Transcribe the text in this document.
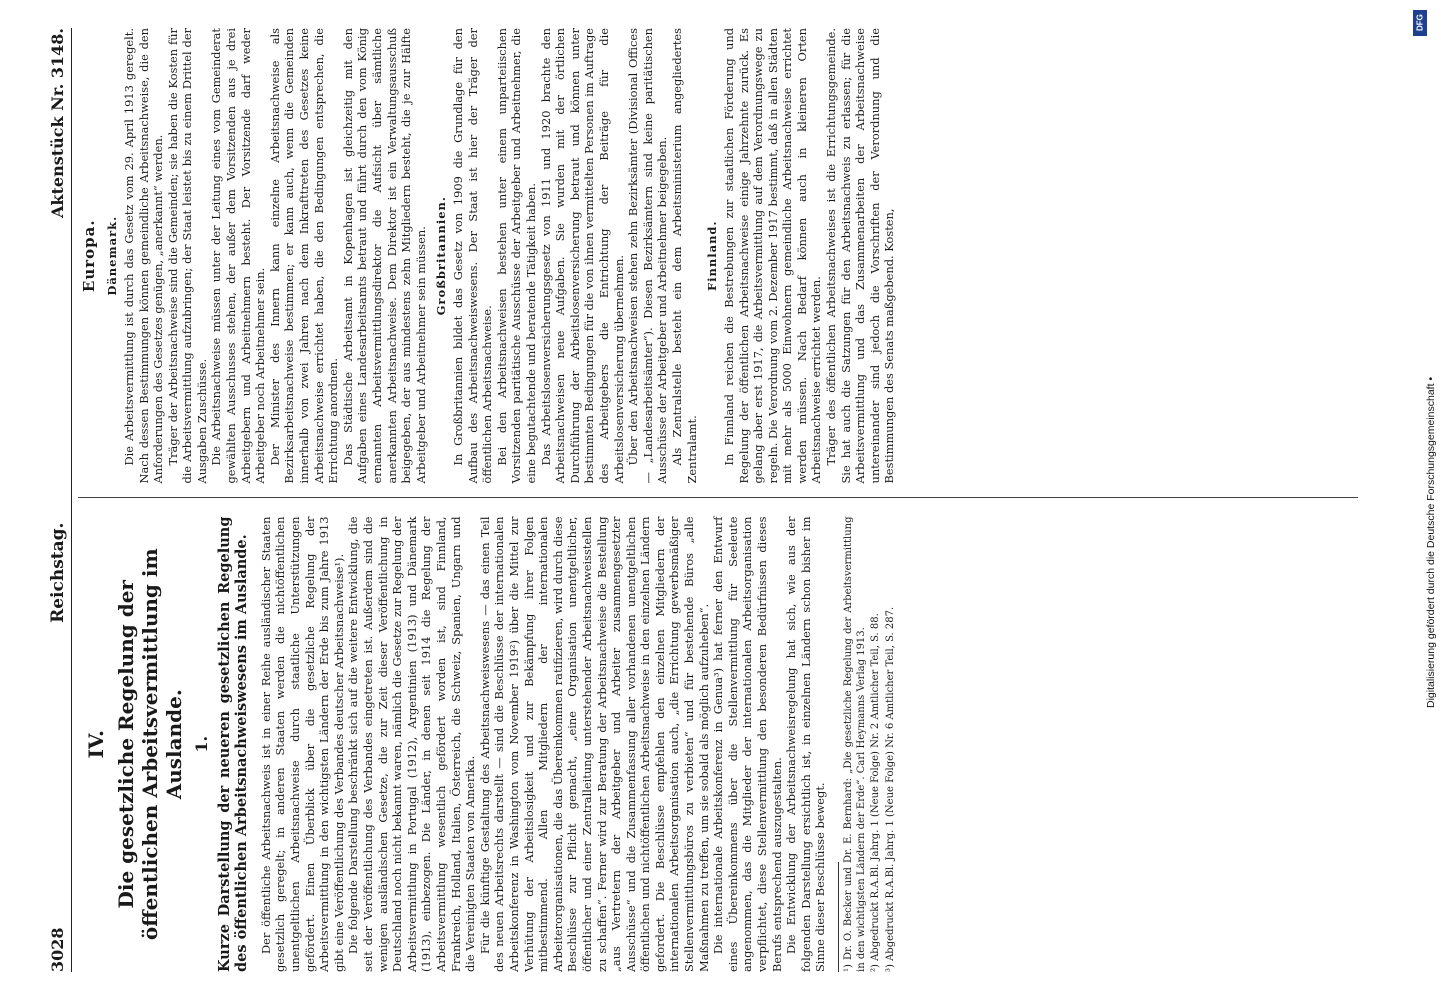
3028
Reichstag.
Aktenstück Nr. 3148.
IV. Die gesetzliche Regelung der öffentlichen Arbeitsvermittlung im Auslande. 1. Kurze Darstellung der neueren gesetzlichen Regelung des öffentlichen Arbeitsnachweiswesens im Auslande. Der öffentliche Arbeitsnachweis ist in einer Reihe ausländischer Staaten gesetzlich geregelt; in anderen Staaten werden die nichtöffentlichen unentgeltlichen Arbeitsnachweise durch staatliche Unterstützungen gefördert. Einen Überblick über die gesetzliche Regelung der Arbeitsvermittlung in den wichtigsten Ländern der Erde bis zum Jahre 1913 gibt eine Veröffentlichung des Verbandes deutscher Arbeitsnachweise¹). Die folgende Darstellung beschränkt sich auf die weitere Entwicklung, die seit der Veröffentlichung des Verbandes eingetreten ist. Außerdem sind die wenigen ausländischen Gesetze, die zur Zeit dieser Veröffentlichung in Deutschland noch nicht bekannt waren, nämlich die Gesetze zur Regelung der Arbeitsvermittlung in Portugal (1912), Argentinien (1913) und Dänemark (1913), einbezogen. Die Länder, in denen seit 1914 die Regelung der Arbeitsvermittlung wesentlich gefördert worden ist, sind Finnland, Frankreich, Holland, Italien, Österreich, die Schweiz, Spanien, Ungarn und die Vereinigten Staaten von Amerika. Für die künftige Gestaltung des Arbeitsnachweiswesens — das einen Teil des neuen Arbeitsrechts darstellt — sind die Beschlüsse der internationalen Arbeitskonferenz in Washington vom November 1919²) über die Mittel zur Verhütung der Arbeitslosigkeit und zur Bekämpfung ihrer Folgen mitbestimmend. Allen Mitgliedern der internationalen Arbeiterorganisationen, die das Übereinkommen ratifizieren, wird durch diese Beschlüsse zur Pflicht gemacht, „eine Organisation unentgeltlicher, öffentlicher und einer Zentralleitung unterstehender Arbeitsnachweisstellen zu schaffen“. Ferner wird zur Beratung der Arbeitsnachweise die Bestellung „aus Vertretern der Arbeitgeber und Arbeiter zusammengesetzter Ausschüsse“ und die Zusammenfassung aller vorhandenen unentgeltlichen öffentlichen und nichtöffentlichen Arbeitsnachweise in den einzelnen Ländern gefordert. Die Beschlüsse empfehlen den einzelnen Mitgliedern der internationalen Arbeitsorganisation auch, „die Errichtung gewerbsmäßiger Stellenvermittlungsbüros zu verbieten“ und für bestehende Büros „alle Maßnahmen zu treffen, um sie sobald als möglich aufzuheben“. Die internationale Arbeitskonferenz in Genua³) hat ferner den Entwurf eines Übereinkommens über die Stellenvermittlung für Seeleute angenommen, das die Mitglieder der internationalen Arbeitsorganisation verpflichtet, diese Stellenvermittlung den besonderen Bedürfnissen dieses Berufs entsprechend auszugestalten. Die Entwicklung der Arbeitsnachweisregelung hat sich, wie aus der folgenden Darstellung ersichtlich ist, in einzelnen Ländern schon bisher im Sinne dieser Beschlüsse bewegt. ¹) Dr. O. Becker und Dr. E. Bernhard: „Die gesetzliche Regelung der Arbeitsvermittlung in den wichtigsten Ländern der Erde“. Carl Heymanns Verlag 1913. ²) Abgedruckt R.A.Bl. Jahrg. 1 (Neue Folge) Nr. 2 Amtlicher Teil, S. 88. ³) Abgedruckt R.A.Bl. Jahrg. 1 (Neue Folge) Nr. 6 Amtlicher Teil, S. 287.

Europa. Dänemark. Die Arbeitsvermittlung ist durch das Gesetz vom 29. April 1913 geregelt. Nach dessen Bestimmungen können gemeindliche Arbeitsnachweise, die den Anforderungen des Gesetzes genügen, „anerkannt“ werden. Träger der Arbeitsnachweise sind die Gemeinden; sie haben die Kosten für die Arbeitsvermittlung aufzubringen; der Staat leistet bis zu einem Drittel der Ausgaben Zuschüsse. Die Arbeitsnachweise müssen unter der Leitung eines vom Gemeinderat gewählten Ausschusses stehen, der außer dem Vorsitzenden aus je drei Arbeitgebern und Arbeitnehmern besteht. Der Vorsitzende darf weder Arbeitgeber noch Arbeitnehmer sein. Der Minister des Innern kann einzelne Arbeitsnachweise als Bezirksarbeitsnachweise bestimmen; er kann auch, wenn die Gemeinden innerhalb von zwei Jahren nach dem Inkrafttreten des Gesetzes keine Arbeitsnachweise errichtet haben, die den Bedingungen entsprechen, die Errichtung anordnen. Das Städtische Arbeitsamt in Kopenhagen ist gleichzeitig mit den Aufgaben eines Landesarbeitsamts betraut und führt durch den vom König ernannten Arbeitsvermittlungsdirektor die Aufsicht über sämtliche anerkannten Arbeitsnachweise. Dem Direktor ist ein Verwaltungsausschuß beigegeben, der aus mindestens zehn Mitgliedern besteht, die je zur Hälfte Arbeitgeber und Arbeitnehmer sein müssen. Großbritannien. In Großbritannien bildet das Gesetz von 1909 die Grundlage für den Aufbau des Arbeitsnachweiswesens. Der Staat ist hier der Träger der öffentlichen Arbeitsnachweise. Bei den Arbeitsnachweisen bestehen unter einem unparteiischen Vorsitzenden paritätische Ausschüsse der Arbeitgeber und Arbeitnehmer, die eine begutachtende und beratende Tätigkeit haben. Das Arbeitslosenversicherungsgesetz von 1911 und 1920 brachte den Arbeitsnachweisen neue Aufgaben. Sie wurden mit der örtlichen Durchführung der Arbeitslosenversicherung betraut und können unter bestimmten Bedingungen für die von ihnen vermittelten Personen im Auftrage des Arbeitgebers die Entrichtung der Beiträge für die Arbeitslosenversicherung übernehmen. Über den Arbeitsnachweisen stehen zehn Bezirksämter (Divisional Offices — „Landesarbeitsämter“). Diesen Bezirksämtern sind keine paritätischen Ausschüsse der Arbeitgeber und Arbeitnehmer beigegeben. Als Zentralstelle besteht ein dem Arbeitsministerium angegliedertes Zentralamt.

Finnland. In Finnland reichen die Bestrebungen zur staatlichen Förderung und Regelung der öffentlichen Arbeitsnachweise einige Jahrzehnte zurück. Es gelang aber erst 1917, die Arbeitsvermittlung auf dem Verordnungswege zu regeln. Die Verordnung vom 2. Dezember 1917 bestimmt, daß in allen Städten mit mehr als 5000 Einwohnern gemeindliche Arbeitsnachweise errichtet werden müssen. Nach Bedarf können auch in kleineren Orten Arbeitsnachweise errichtet werden. Träger des öffentlichen Arbeitsnachweises ist die Errichtungsgemeinde. Sie hat auch die Satzungen für den Arbeitsnachweis zu erlassen; für die Arbeitsvermittlung und das Zusammenarbeiten der Arbeitsnachweise untereinander sind jedoch die Vorschriften der Verordnung und die Bestimmungen des Senats maßgebend. Kosten,

DFG
Digitalisierung gefördert durch die Deutsche Forschungsgemeinschaft •
